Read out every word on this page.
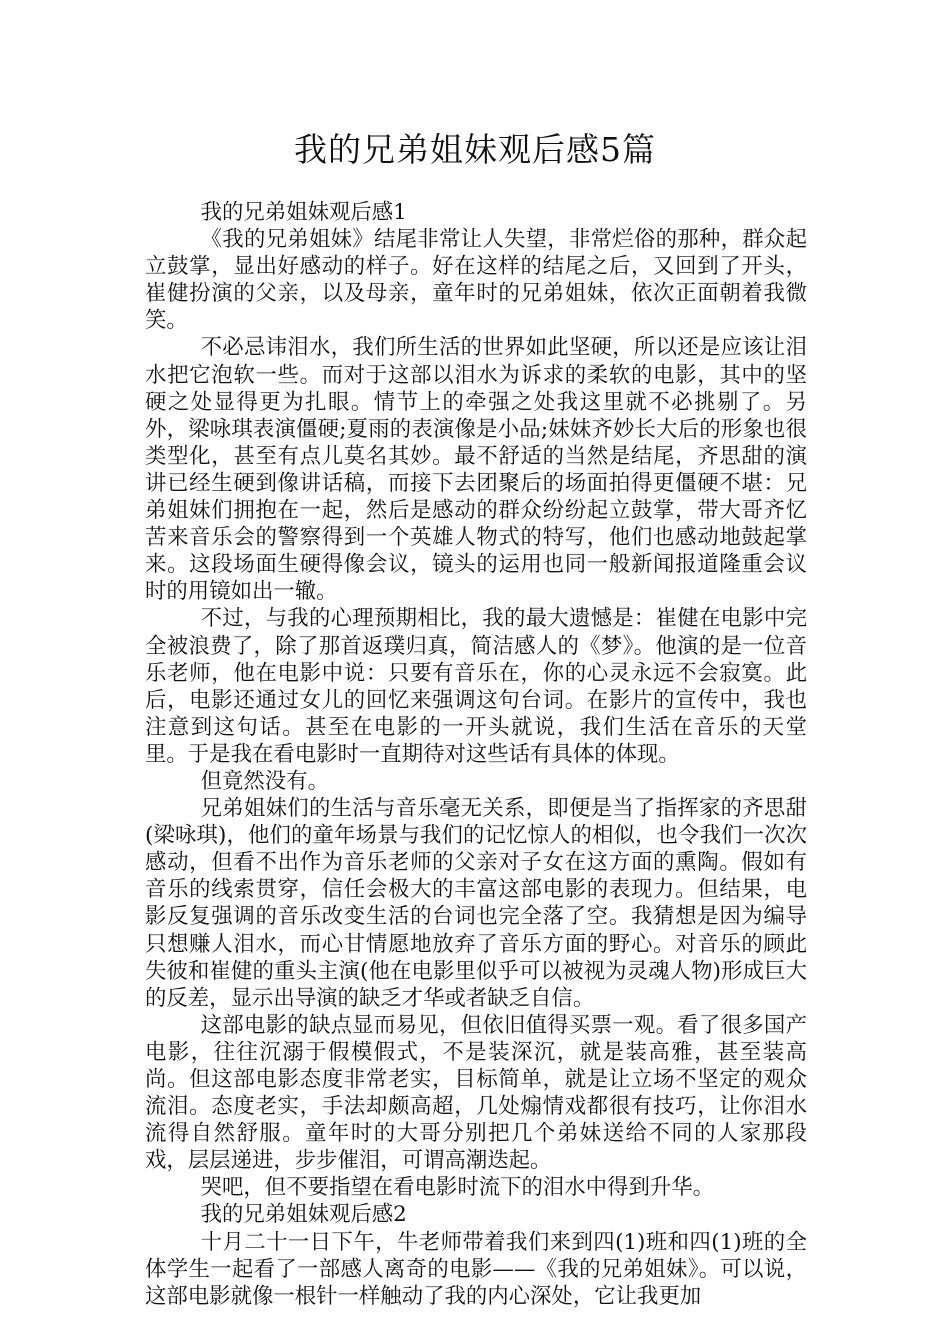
我的兄弟姐妹观后感5篇

我的兄弟姐妹观后感1

《我的兄弟姐妹》结尾非常让人失望，非常烂俗的那种，群众起立鼓掌，显出好感动的样子。好在这样的结尾之后，又回到了开头，崔健扮演的父亲，以及母亲，童年时的兄弟姐妹，依次正面朝着我微笑。

不必忌讳泪水，我们所生活的世界如此坚硬，所以还是应该让泪水把它泡软一些。而对于这部以泪水为诉求的柔软的电影，其中的坚硬之处显得更为扎眼。情节上的牵强之处我这里就不必挑剔了。另外，梁咏琪表演僵硬;夏雨的表演像是小品;妹妹齐妙长大后的形象也很类型化，甚至有点儿莫名其妙。最不舒适的当然是结尾，齐思甜的演讲已经生硬到像讲话稿，而接下去团聚后的场面拍得更僵硬不堪：兄弟姐妹们拥抱在一起，然后是感动的群众纷纷起立鼓掌，带大哥齐忆苦来音乐会的警察得到一个英雄人物式的特写，他们也感动地鼓起掌来。这段场面生硬得像会议，镜头的运用也同一般新闻报道隆重会议时的用镜如出一辙。

不过，与我的心理预期相比，我的最大遗憾是：崔健在电影中完全被浪费了，除了那首返璞归真，简洁感人的《梦》。他演的是一位音乐老师，他在电影中说：只要有音乐在，你的心灵永远不会寂寞。此后，电影还通过女儿的回忆来强调这句台词。在影片的宣传中，我也注意到这句话。甚至在电影的一开头就说，我们生活在音乐的天堂里。于是我在看电影时一直期待对这些话有具体的体现。

但竟然没有。

兄弟姐妹们的生活与音乐毫无关系，即便是当了指挥家的齐思甜(梁咏琪)，他们的童年场景与我们的记忆惊人的相似，也令我们一次次感动，但看不出作为音乐老师的父亲对子女在这方面的熏陶。假如有音乐的线索贯穿，信任会极大的丰富这部电影的表现力。但结果，电影反复强调的音乐改变生活的台词也完全落了空。我猜想是因为编导只想赚人泪水，而心甘情愿地放弃了音乐方面的野心。对音乐的顾此失彼和崔健的重头主演(他在电影里似乎可以被视为灵魂人物)形成巨大的反差，显示出导演的缺乏才华或者缺乏自信。

这部电影的缺点显而易见，但依旧值得买票一观。看了很多国产电影，往往沉溺于假模假式，不是装深沉，就是装高雅，甚至装高尚。但这部电影态度非常老实，目标简单，就是让立场不坚定的观众流泪。态度老实，手法却颇高超，几处煽情戏都很有技巧，让你泪水流得自然舒服。童年时的大哥分别把几个弟妹送给不同的人家那段戏，层层递进，步步催泪，可谓高潮迭起。

哭吧，但不要指望在看电影时流下的泪水中得到升华。

我的兄弟姐妹观后感2

十月二十一日下午，牛老师带着我们来到四(1)班和四(1)班的全体学生一起看了一部感人离奇的电影——《我的兄弟姐妹》。可以说，这部电影就像一根针一样触动了我的内心深处，它让我更加
